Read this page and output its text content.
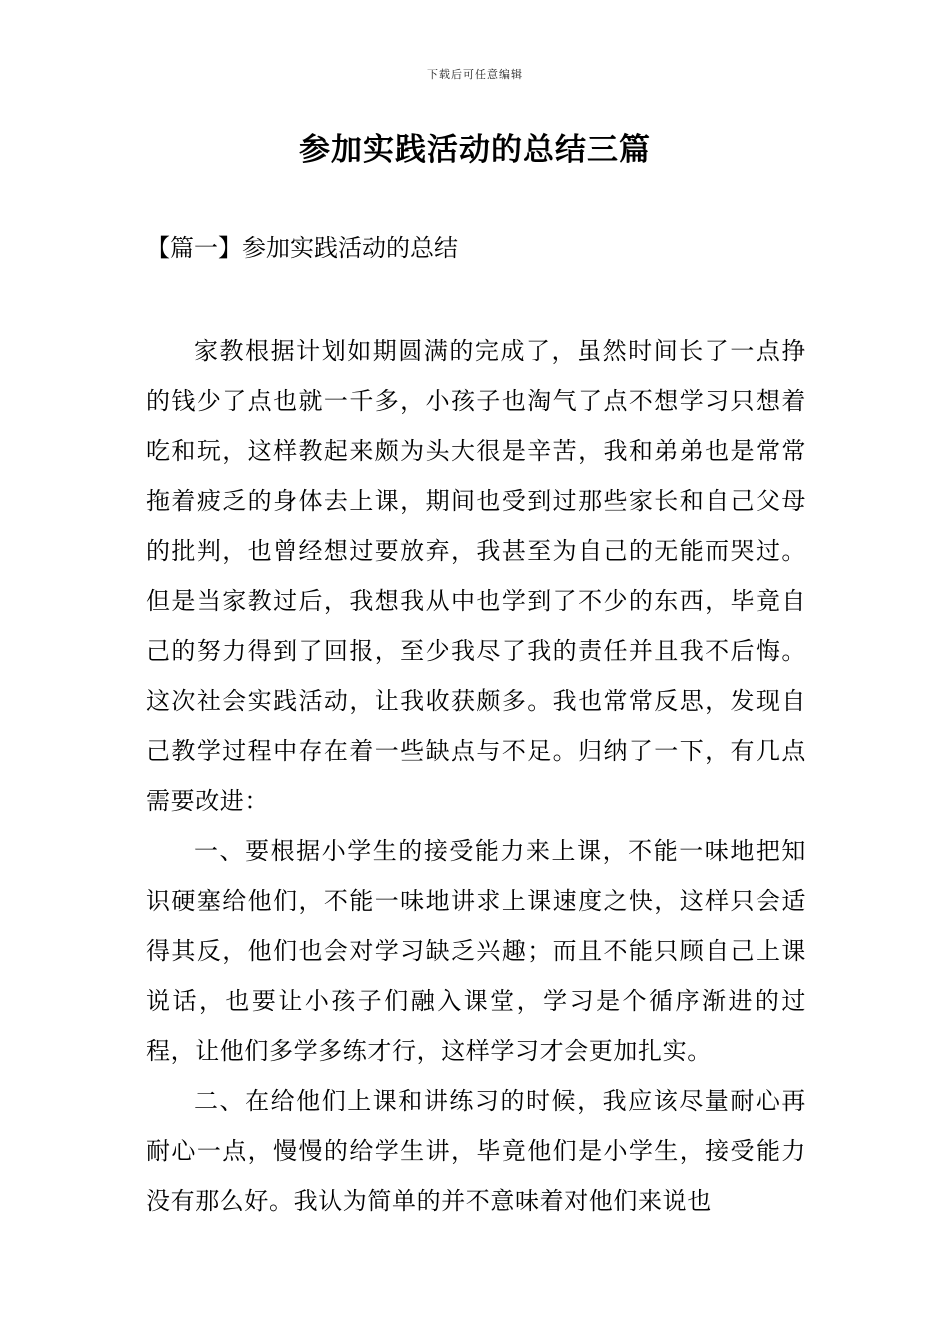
下载后可任意编辑
参加实践活动的总结三篇
【篇一】参加实践活动的总结

家教根据计划如期圆满的完成了，虽然时间长了一点挣的钱少了点也就一千多，小孩子也淘气了点不想学习只想着吃和玩，这样教起来颇为头大很是辛苦，我和弟弟也是常常拖着疲乏的身体去上课，期间也受到过那些家长和自己父母的批判，也曾经想过要放弃，我甚至为自己的无能而哭过。但是当家教过后，我想我从中也学到了不少的东西，毕竟自己的努力得到了回报，至少我尽了我的责任并且我不后悔。这次社会实践活动，让我收获颇多。我也常常反思，发现自己教学过程中存在着一些缺点与不足。归纳了一下，有几点需要改进：

一、要根据小学生的接受能力来上课，不能一味地把知识硬塞给他们，不能一味地讲求上课速度之快，这样只会适得其反，他们也会对学习缺乏兴趣；而且不能只顾自己上课说话，也要让小孩子们融入课堂，学习是个循序渐进的过程，让他们多学多练才行，这样学习才会更加扎实。

二、在给他们上课和讲练习的时候，我应该尽量耐心再耐心一点，慢慢的给学生讲，毕竟他们是小学生，接受能力没有那么好。我认为简单的并不意味着对他们来说也
